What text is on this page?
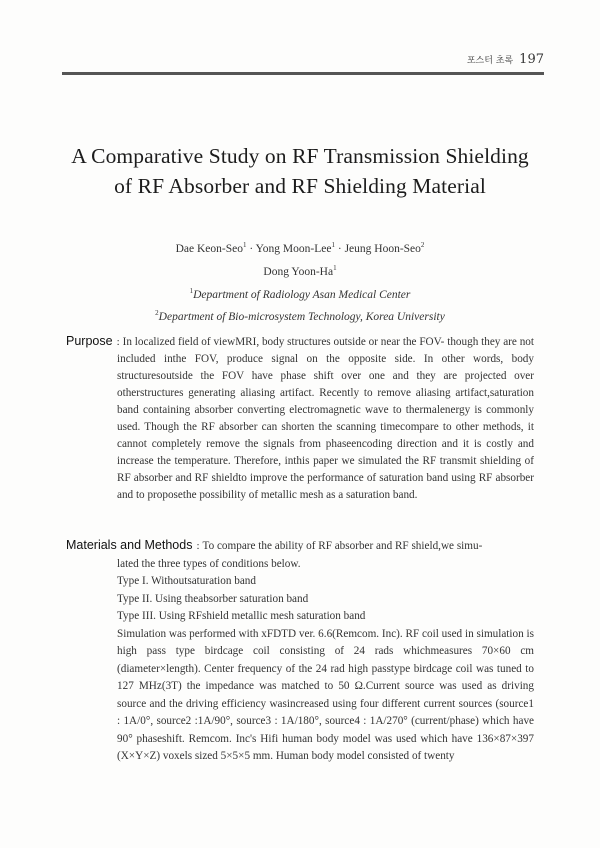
포스터 초록 197
A Comparative Study on RF Transmission Shielding
of RF Absorber and RF Shielding Material
Dae Keon-Seo$^1$ · Yong Moon-Lee$^1$ · Jeung Hoon-Seo$^2$
Dong Yoon-Ha$^1$
$^1$Department of Radiology Asan Medical Center
$^2$Department of Bio-microsystem Technology, Korea University
Purpose : In localized field of viewMRI, body structures outside or near the FOV- though they are not included inthe FOV, produce signal on the opposite side. In other words, body structuresoutside the FOV have phase shift over one and they are projected over otherstructures generating aliasing artifact. Recently to remove aliasing artifact,saturation band containing absorber converting electromagnetic wave to thermalenergy is commonly used. Though the RF absorber can shorten the scanning timecompare to other methods, it cannot completely remove the signals from phaseencoding direction and it is costly and increase the temperature. Therefore, inthis paper we simulated the RF transmit shielding of RF absorber and RF shieldto improve the performance of saturation band using RF absorber and to proposethe possibility of metallic mesh as a saturation band.
Materials and Methods : To compare the ability of RF absorber and RF shield,we simu-
lated the three types of conditions below.
Type I. Withoutsaturation band
Type II. Using theabsorber saturation band
Type III. Using RFshield metallic mesh saturation band
Simulation was performed with xFDTD ver. 6.6(Remcom. Inc). RF coil used in simulation is high pass type birdcage coil consisting of 24 rads whichmeasures 70×60 cm (diameter×length). Center frequency of the 24 rad high passtype birdcage coil was tuned to 127 MHz(3T) the impedance was matched to 50 Ω.Current source was used as driving source and the driving efficiency wasincreased using four different current sources (source1 : 1A/0°, source2 :1A/90°, source3 : 1A/180°, source4 : 1A/270° (current/phase) which have 90° phaseshift. Remcom. Inc's Hifi human body model was used which have 136×87×397 (X×Y×Z) voxels sized 5×5×5 mm. Human body model consisted of twenty
